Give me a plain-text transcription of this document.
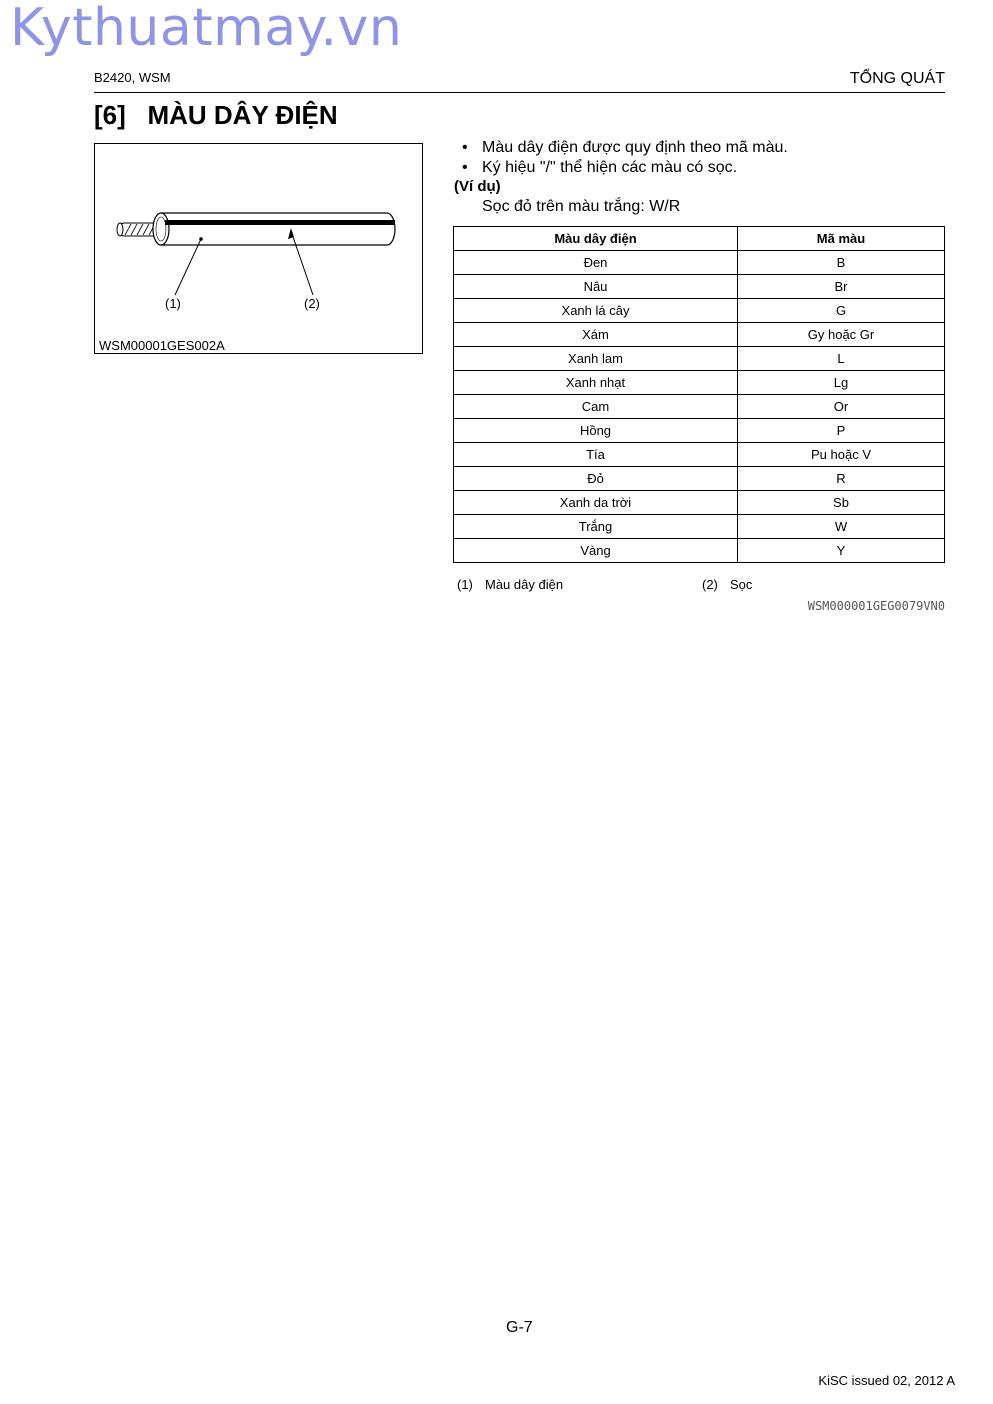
Kythuatmay.vn
B2420, WSM	TỔNG QUÁT
[6] MÀU DÂY ĐIỆN
(1)	(2)
WSM00001GES002A
• Màu dây điện được quy định theo mã màu.
• Ký hiệu "/" thể hiện các màu có sọc.
(Ví dụ)
Sọc đỏ trên màu trắng: W/R
Màu dây điện	Mã màu
Đen	B
Nâu	Br
Xanh lá cây	G
Xám	Gy hoặc Gr
Xanh lam	L
Xanh nhạt	Lg
Cam	Or
Hồng	P
Tía	Pu hoặc V
Đỏ	R
Xanh da trời	Sb
Trắng	W
Vàng	Y
(1) Màu dây điện	(2) Sọc
WSM000001GEG0079VN0
G-7
KiSC issued 02, 2012 A
